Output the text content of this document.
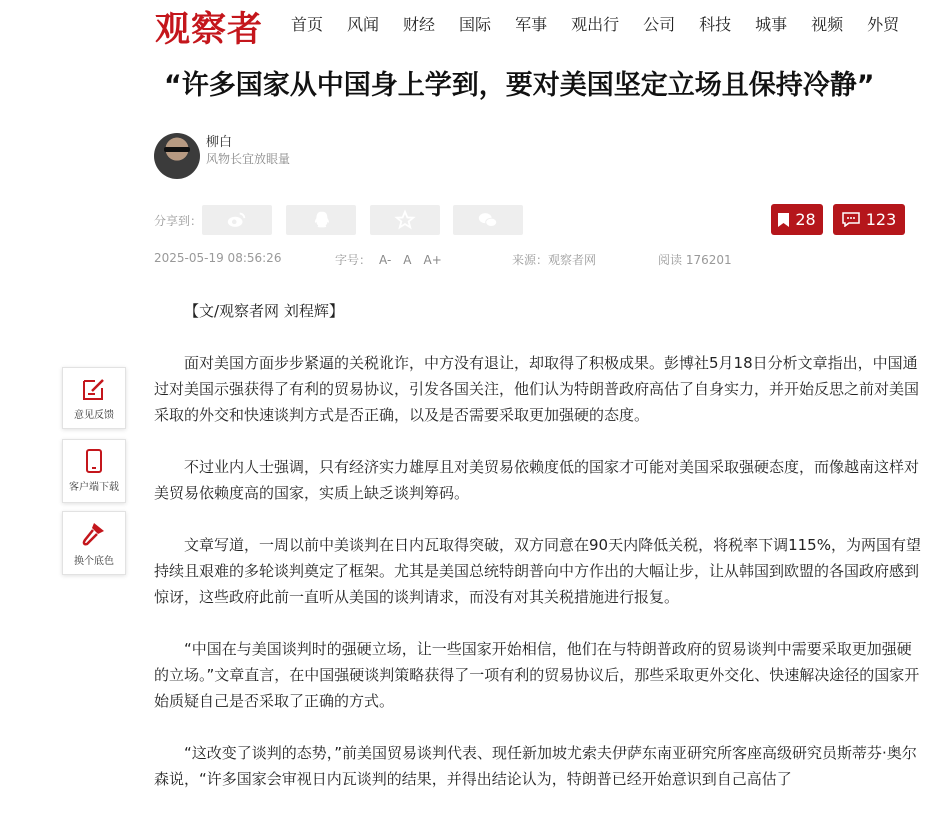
观察者 首页 风闻 财经 国际 军事 观出行 公司 科技 城事 视频 外贸
“许多国家从中国身上学到，要对美国坚定立场且保持冷静”
柳白
风物长宜放眼量
分享到：	28	123
2025-05-19 08:56:26	字号： A- A A+	来源：观察者网	阅读 176201

【文/观察者网 刘程辉】

面对美国方面步步紧逼的关税讹诈，中方没有退让，却取得了积极成果。彭博社5月18日分析文章指出，中国通过对美国示强获得了有利的贸易协议，引发各国关注，他们认为特朗普政府高估了自身实力，并开始反思之前对美国采取的外交和快速谈判方式是否正确，以及是否需要采取更加强硬的态度。

不过业内人士强调，只有经济实力雄厚且对美贸易依赖度低的国家才可能对美国采取强硬态度，而像越南这样对美贸易依赖度高的国家，实质上缺乏谈判筹码。

文章写道，一周以前中美谈判在日内瓦取得突破，双方同意在90天内降低关税，将税率下调115%，为两国有望持续且艰难的多轮谈判奠定了框架。尤其是美国总统特朗普向中方作出的大幅让步，让从韩国到欧盟的各国政府感到惊讶，这些政府此前一直听从美国的谈判请求，而没有对其关税措施进行报复。

“中国在与美国谈判时的强硬立场，让一些国家开始相信，他们在与特朗普政府的贸易谈判中需要采取更加强硬的立场。”文章直言，在中国强硬谈判策略获得了一项有利的贸易协议后，那些采取更外交化、快速解决途径的国家开始质疑自己是否采取了正确的方式。

“这改变了谈判的态势，”前美国贸易谈判代表、现任新加坡尤索夫伊萨东南亚研究所客座高级研究员斯蒂芬·奥尔森说，“许多国家会审视日内瓦谈判的结果，并得出结论认为，特朗普已经开始意识到自己高估了

意见反馈
客户端下载
换个底色
